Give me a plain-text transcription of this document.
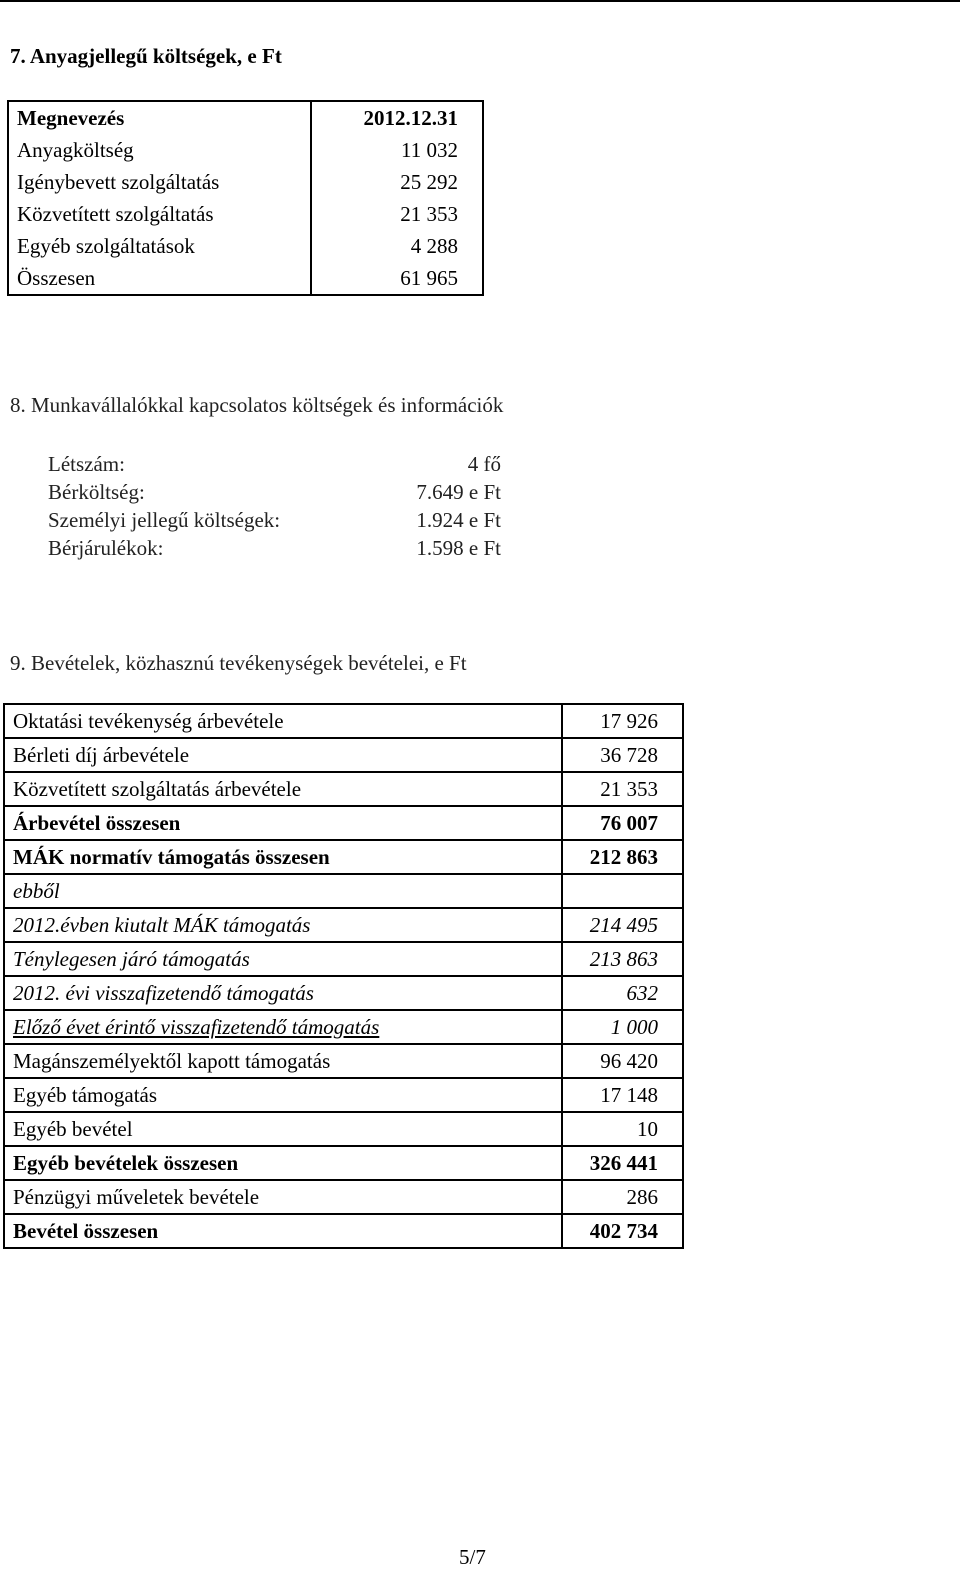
7. Anyagjellegű költségek, e Ft
Megnevezés	2012.12.31
Anyagköltség	11 032
Igénybevett szolgáltatás	25 292
Közvetített szolgáltatás	21 353
Egyéb szolgáltatások	4 288
Összesen	61 965
8. Munkavállalókkal kapcsolatos költségek és információk
Létszám:	4 fő
Bérköltség:	7.649 e Ft
Személyi jellegű költségek:	1.924 e Ft
Bérjárulékok:	1.598 e Ft
9. Bevételek, közhasznú tevékenységek bevételei, e Ft
Oktatási tevékenység árbevétele	17 926
Bérleti díj árbevétele	36 728
Közvetített szolgáltatás árbevétele	21 353
Árbevétel összesen	76 007
MÁK normatív támogatás összesen	212 863
ebből	
2012.évben kiutalt MÁK támogatás	214 495
Ténylegesen járó támogatás	213 863
2012. évi visszafizetendő támogatás	632
Előző évet érintő visszafizetendő támogatás	1 000
Magánszemélyektől kapott támogatás	96 420
Egyéb támogatás	17 148
Egyéb bevétel	10
Egyéb bevételek összesen	326 441
Pénzügyi műveletek bevétele	286
Bevétel összesen	402 734
5/7
